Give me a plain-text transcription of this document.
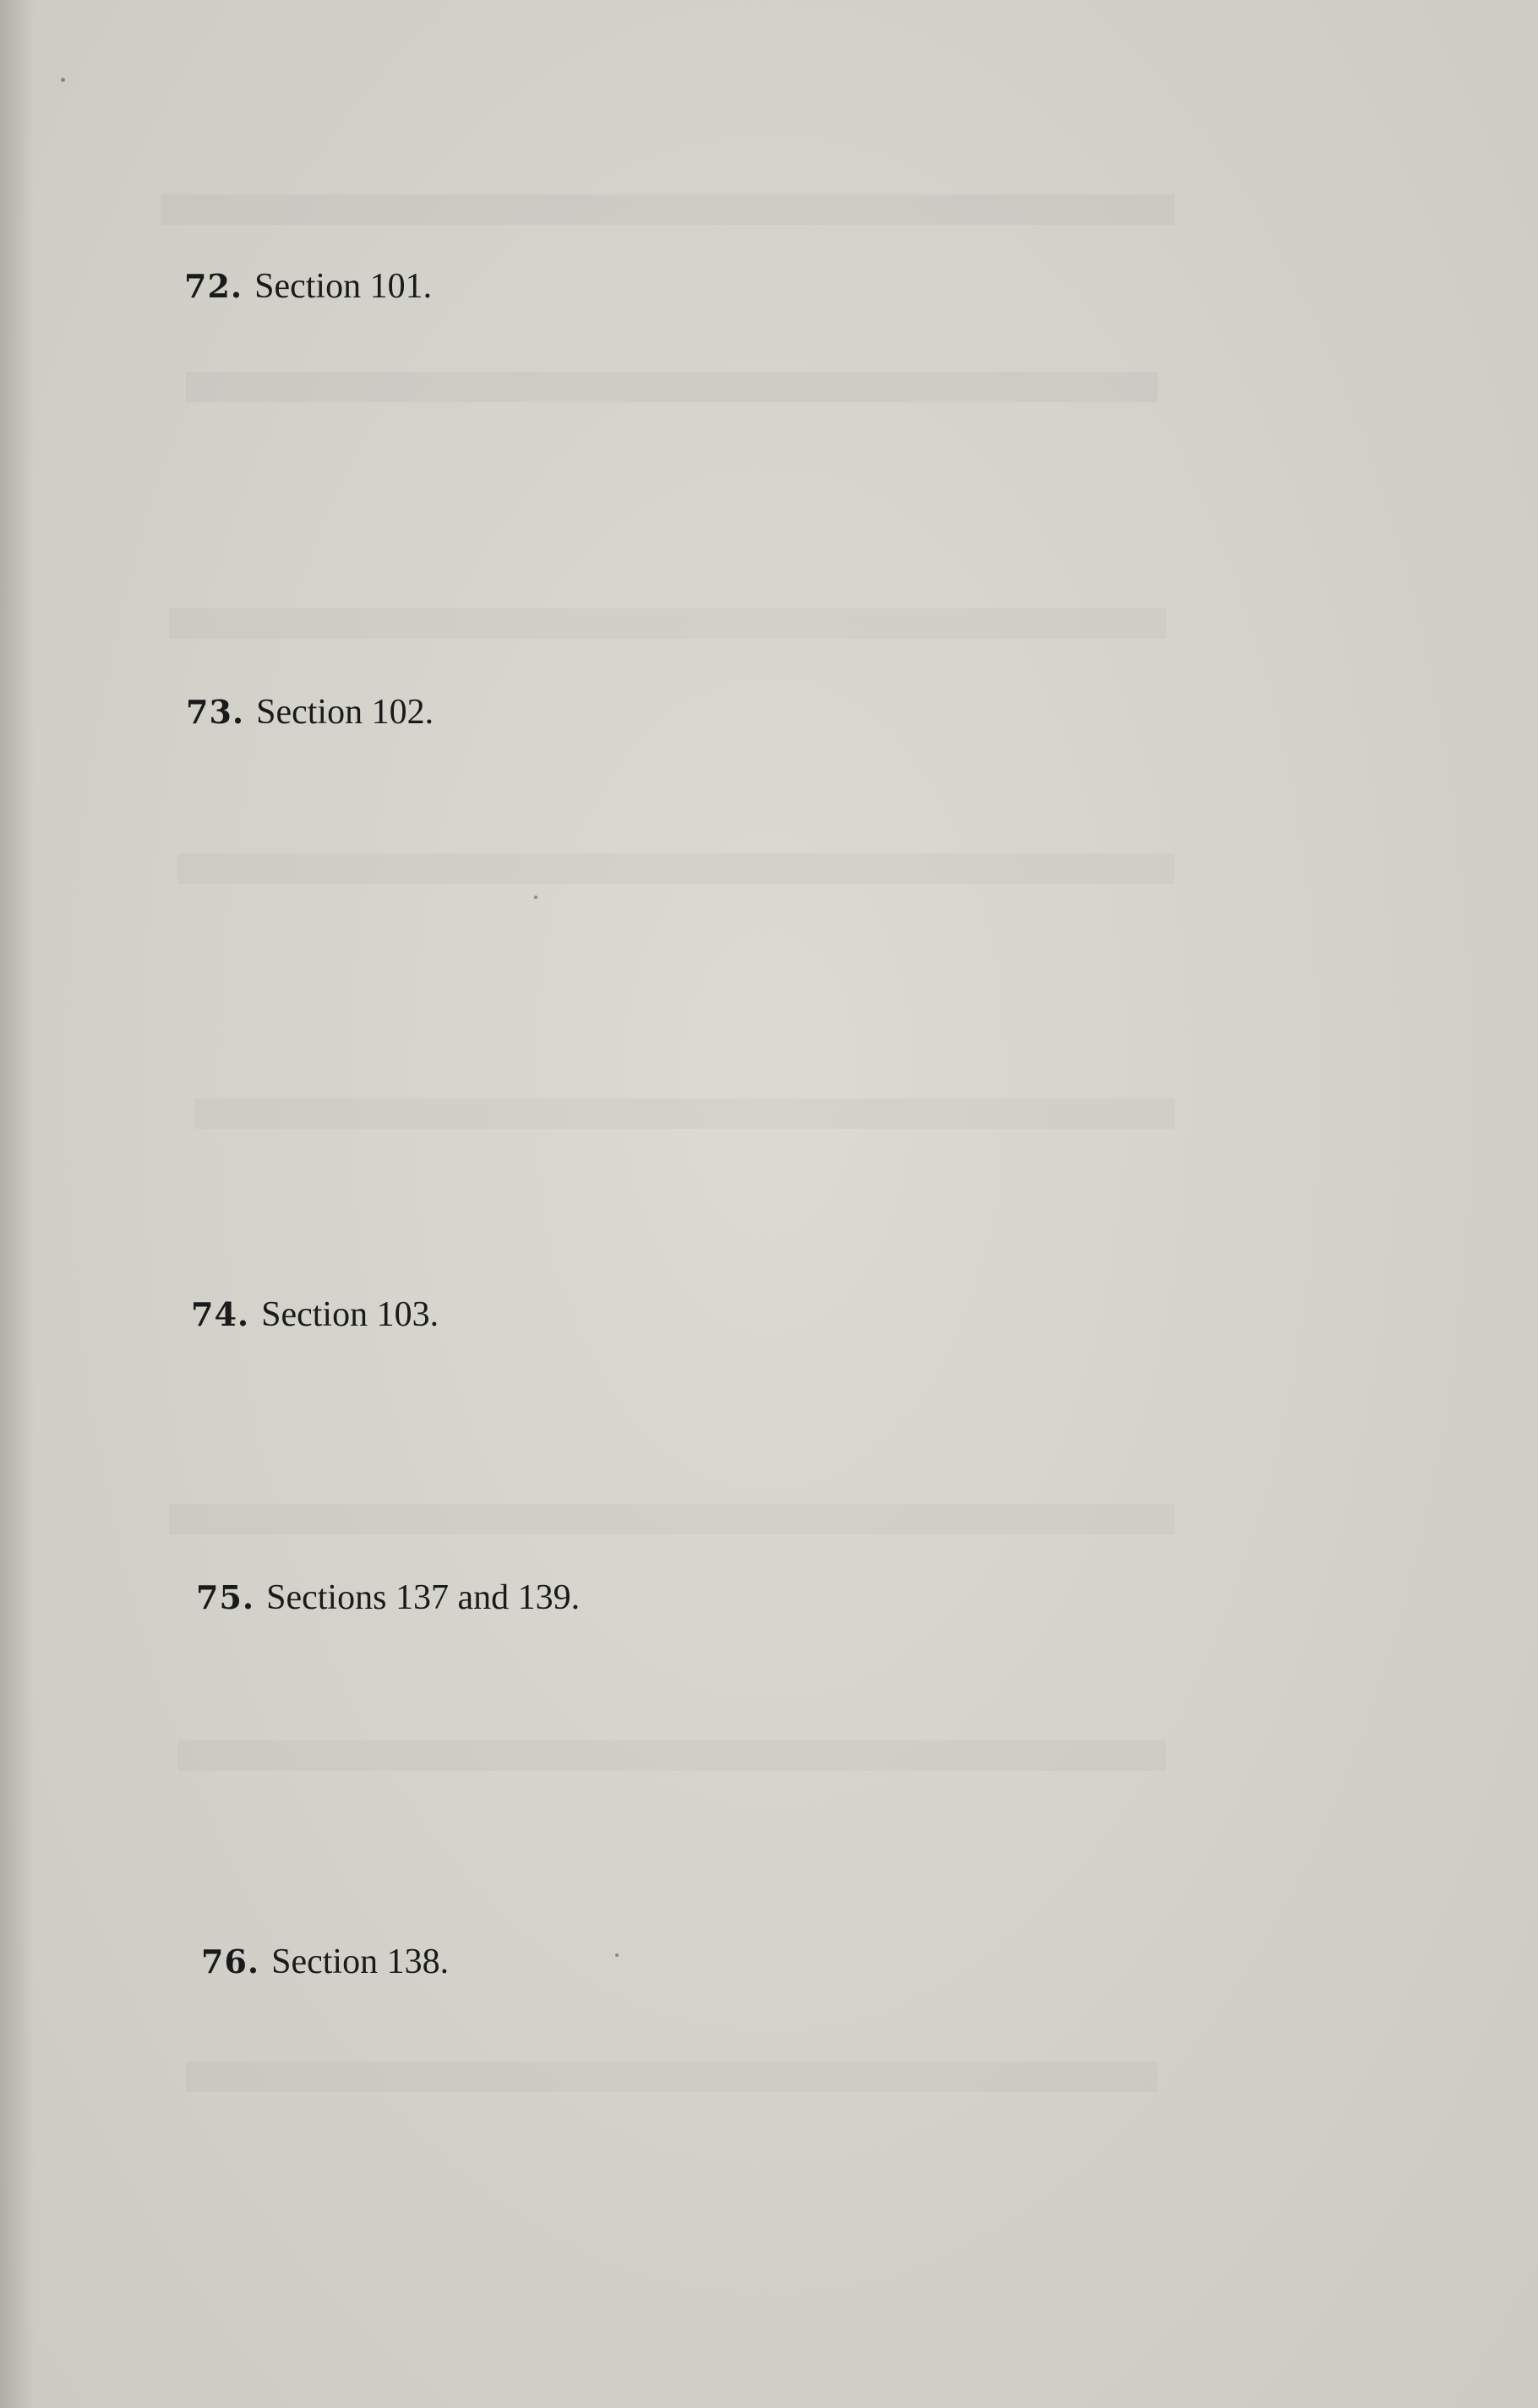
72. Section 101.
73. Section 102.
74. Section 103.
75. Sections 137 and 139.
76. Section 138.
